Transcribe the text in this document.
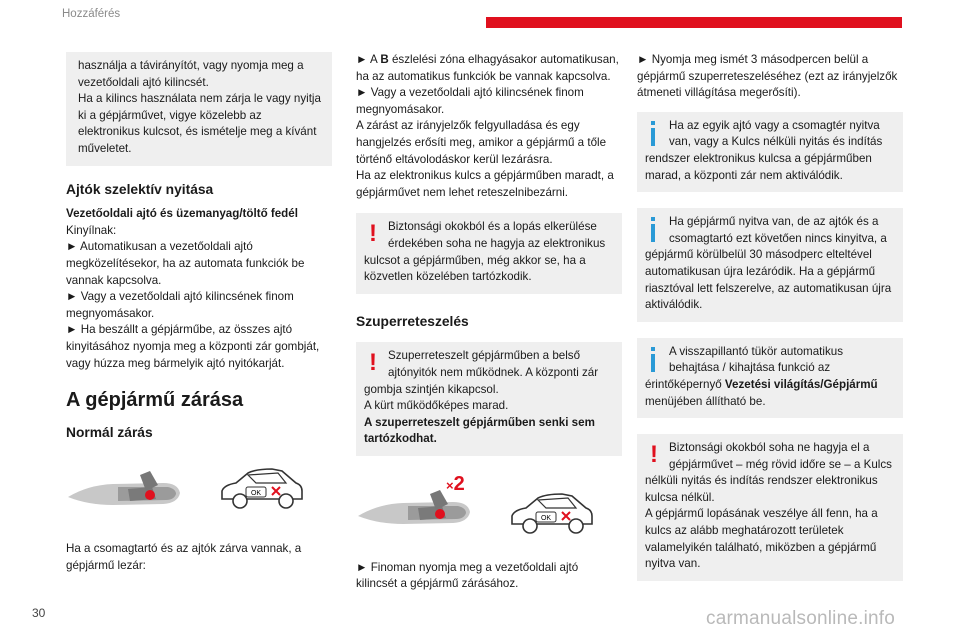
Hozzáférés
használja a távirányítót, vagy nyomja meg a vezetőoldali ajtó kilincsét.
Ha a kilincs használata nem zárja le vagy nyitja ki a gépjárművet, vigye közelebb az elektronikus kulcsot, és ismételje meg a kívánt műveletet.
Ajtók szelektív nyitása
Vezetőoldali ajtó és üzemanyag/töltő fedél
Kinyílnak:
► Automatikusan a vezetőoldali ajtó megközelítésekor, ha az automata funkciók be vannak kapcsolva.
► Vagy a vezetőoldali ajtó kilincsének finom megnyomásakor.
► Ha beszállt a gépjárműbe, az összes ajtó kinyitásához nyomja meg a központi zár gombját, vagy húzza meg bármelyik ajtó nyitókarját.
A gépjármű zárása
Normál zárás
OK
Ha a csomagtartó és az ajtók zárva vannak, a gépjármű lezár:
► A B észlelési zóna elhagyásakor automatikusan, ha az automatikus funkciók be vannak kapcsolva.
► Vagy a vezetőoldali ajtó kilincsének finom megnyomásakor.
A zárást az irányjelzők felgyulladása és egy hangjelzés erősíti meg, amikor a gépjármű a tőle történő eltávolodáskor kerül lezárásra.
Ha az elektronikus kulcs a gépjárműben maradt, a gépjárművet nem lehet reteszelnibezárni.
! Biztonsági okokból és a lopás elkerülése érdekében soha ne hagyja az elektronikus kulcsot a gépjárműben, még akkor se, ha a közvetlen közelében tartózkodik.
Szuperreteszelés
! Szuperreteszelt gépjárműben a belső ajtónyitók nem működnek. A központi zár gombja szintjén kikapcsol.
A kürt működőképes marad.
A szuperreteszelt gépjárműben senki sem tartózkodhat.
×2
OK
► Finoman nyomja meg a vezetőoldali ajtó kilincsét a gépjármű zárásához.
► Nyomja meg ismét 3 másodpercen belül a gépjármű szuperreteszeléséhez (ezt az irányjelzők átmeneti villágítása megerősíti).
Ha az egyik ajtó vagy a csomagtér nyitva van, vagy a Kulcs nélküli nyitás és indítás rendszer elektronikus kulcsa a gépjárműben marad, a központi zár nem aktiválódik.
Ha gépjármű nyitva van, de az ajtók és a csomagtartó ezt követően nincs kinyitva, a gépjármű körülbelül 30 másodperc elteltével automatikusan újra lezáródik. Ha a gépjármű riasztóval lett felszerelve, az automatikusan újra aktiválódik.
A visszapillantó tükör automatikus behajtása / kihajtása funkció az érintőképernyő Vezetési világítás/Gépjármű menüjében állítható be.
! Biztonsági okokból soha ne hagyja el a gépjárművet – még rövid időre se – a Kulcs nélküli nyitás és indítás rendszer elektronikus kulcsa nélkül.
A gépjármű lopásának veszélye áll fenn, ha a kulcs az alább meghatározott területek valamelyikén található, miközben a gépjármű nyitva van.
30	carmanualsonline.info
